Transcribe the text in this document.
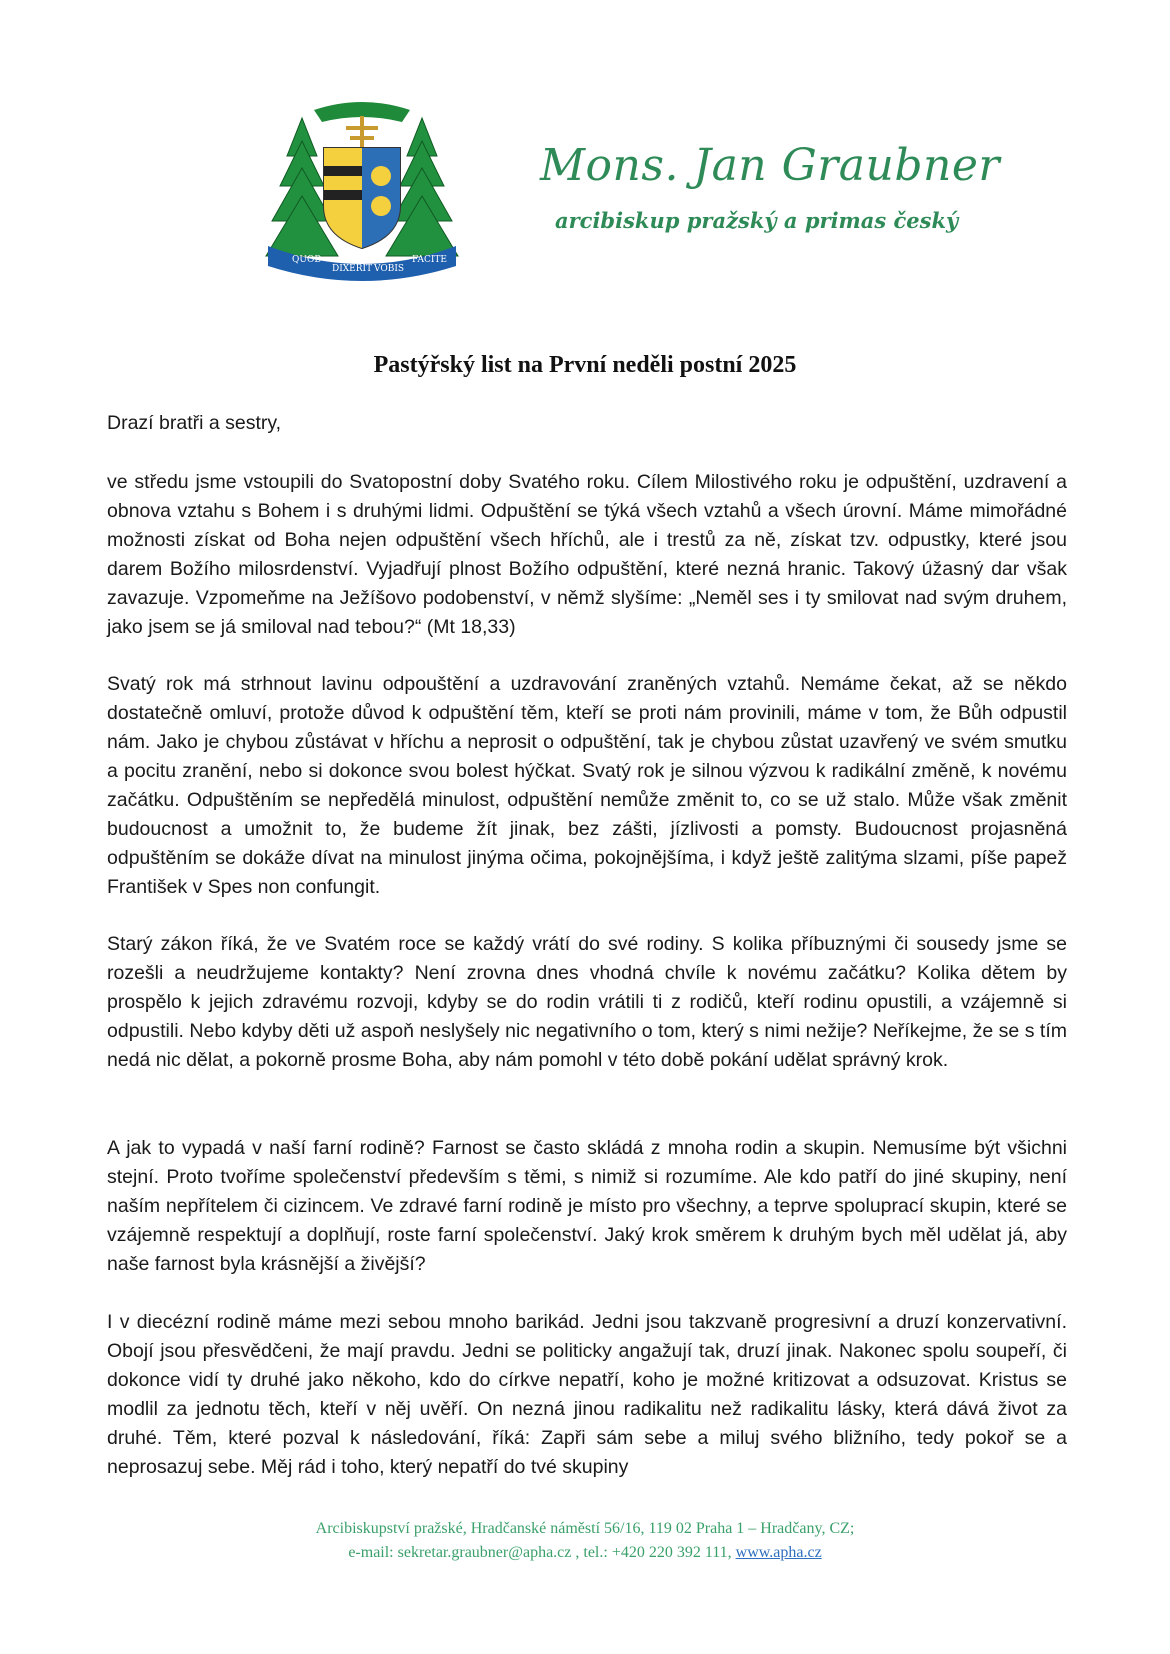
QUOD
DIXERIT VOBIS
FACITE
Mons. Jan Graubner
arcibiskup pražský a primas český
Pastýřský list na První neděli postní 2025
Drazí bratři a sestry,

ve středu jsme vstoupili do Svatopostní doby Svatého roku. Cílem Milostivého roku je odpuštění, uzdravení a obnova vztahu s Bohem i s druhými lidmi. Odpuštění se týká všech vztahů a všech úrovní. Máme mimořádné možnosti získat od Boha nejen odpuštění všech hříchů, ale i trestů za ně, získat tzv. odpustky, které jsou darem Božího milosrdenství. Vyjadřují plnost Božího odpuštění, které nezná hranic. Takový úžasný dar však zavazuje. Vzpomeňme na Ježíšovo podobenství, v němž slyšíme: „Neměl ses i ty smilovat nad svým druhem, jako jsem se já smiloval nad tebou?“ (Mt 18,33)

Svatý rok má strhnout lavinu odpouštění a uzdravování zraněných vztahů. Nemáme čekat, až se někdo dostatečně omluví, protože důvod k odpuštění těm, kteří se proti nám provinili, máme v tom, že Bůh odpustil nám. Jako je chybou zůstávat v hříchu a neprosit o odpuštění, tak je chybou zůstat uzavřený ve svém smutku a pocitu zranění, nebo si dokonce svou bolest hýčkat. Svatý rok je silnou výzvou k radikální změně, k novému začátku. Odpuštěním se nepředělá minulost, odpuštění nemůže změnit to, co se už stalo. Může však změnit budoucnost a umožnit to, že budeme žít jinak, bez zášti, jízlivosti a pomsty. Budoucnost projasněná odpuštěním se dokáže dívat na minulost jinýma očima, pokojnějšíma, i když ještě zalitýma slzami, píše papež František v Spes non confungit.

Starý zákon říká, že ve Svatém roce se každý vrátí do své rodiny. S kolika příbuznými či sousedy jsme se rozešli a neudržujeme kontakty? Není zrovna dnes vhodná chvíle k novému začátku? Kolika dětem by prospělo k jejich zdravému rozvoji, kdyby se do rodin vrátili ti z rodičů, kteří rodinu opustili, a vzájemně si odpustili. Nebo kdyby děti už aspoň neslyšely nic negativního o tom, který s nimi nežije? Neříkejme, že se s tím nedá nic dělat, a pokorně prosme Boha, aby nám pomohl v této době pokání udělat správný krok.

A jak to vypadá v naší farní rodině? Farnost se často skládá z mnoha rodin a skupin. Nemusíme být všichni stejní. Proto tvoříme společenství především s těmi, s nimiž si rozumíme. Ale kdo patří do jiné skupiny, není naším nepřítelem či cizincem. Ve zdravé farní rodině je místo pro všechny, a teprve spoluprací skupin, které se vzájemně respektují a doplňují, roste farní společenství. Jaký krok směrem k druhým bych měl udělat já, aby naše farnost byla krásnější a živější?

I v diecézní rodině máme mezi sebou mnoho barikád. Jedni jsou takzvaně progresivní a druzí konzervativní. Obojí jsou přesvědčeni, že mají pravdu. Jedni se politicky angažují tak, druzí jinak. Nakonec spolu soupeří, či dokonce vidí ty druhé jako někoho, kdo do církve nepatří, koho je možné kritizovat a odsuzovat. Kristus se modlil za jednotu těch, kteří v něj uvěří. On nezná jinou radikalitu než radikalitu lásky, která dává život za druhé. Těm, které pozval k následování, říká: Zapři sám sebe a miluj svého bližního, tedy pokoř se a neprosazuj sebe. Měj rád i toho, který nepatří do tvé skupiny

Arcibiskupství pražské, Hradčanské náměstí 56/16, 119 02 Praha 1 – Hradčany, CZ;
e-mail: sekretar.graubner@apha.cz , tel.: +420 220 392 111, www.apha.cz
